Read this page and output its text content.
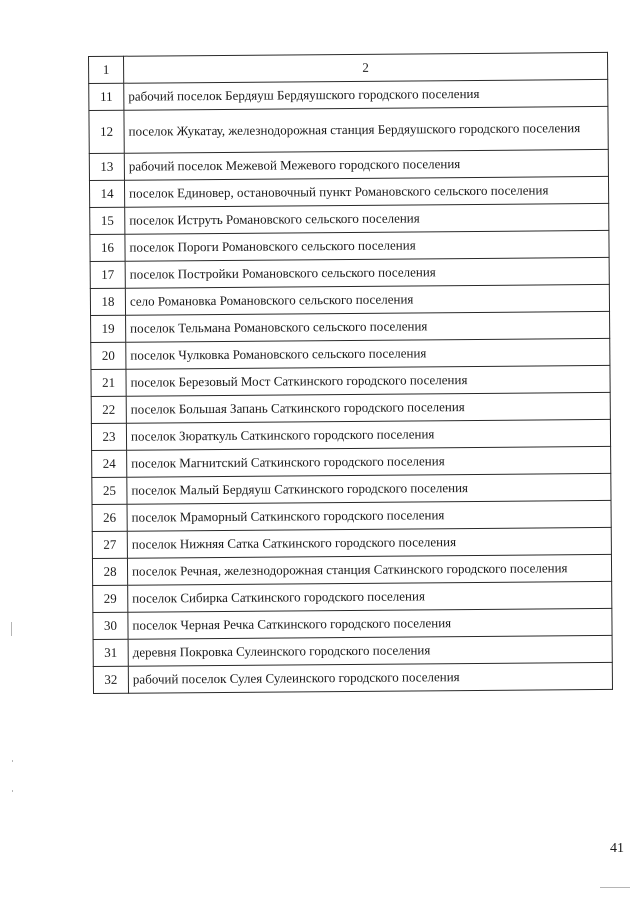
1	2
11	рабочий поселок Бердяуш Бердяушского городского поселения
12	поселок Жукатау, железнодорожная станция Бердяушского городского поселения
13	рабочий поселок Межевой Межевого городского поселения
14	поселок Единовер, остановочный пункт Романовского сельского поселения
15	поселок Иструть Романовского сельского поселения
16	поселок Пороги Романовского сельского поселения
17	поселок Постройки Романовского сельского поселения
18	село Романовка Романовского сельского поселения
19	поселок Тельмана Романовского сельского поселения
20	поселок Чулковка Романовского сельского поселения
21	поселок Березовый Мост Саткинского городского поселения
22	поселок Большая Запань Саткинского городского поселения
23	поселок Зюраткуль Саткинского городского поселения
24	поселок Магнитский Саткинского городского поселения
25	поселок Малый Бердяуш Саткинского городского поселения
26	поселок Мраморный Саткинского городского поселения
27	поселок Нижняя Сатка Саткинского городского поселения
28	поселок Речная, железнодорожная станция Саткинского городского поселения
29	поселок Сибирка Саткинского городского поселения
30	поселок Черная Речка Саткинского городского поселения
31	деревня Покровка Сулеинского городского поселения
32	рабочий поселок Сулея Сулеинского городского поселения
41
